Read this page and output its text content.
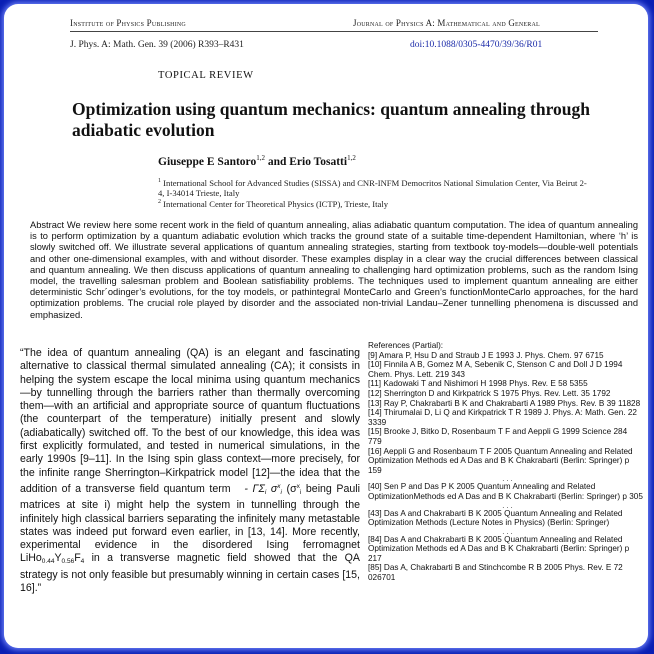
Institute of Physics Publishing	Journal of Physics A: Mathematical and General
J. Phys. A: Math. Gen. 39 (2006) R393–R431	doi:10.1088/0305-4470/39/36/R01
TOPICAL REVIEW
Optimization using quantum mechanics: quantum annealing through adiabatic evolution
Giuseppe E Santoro$^{1,2}$ and Erio Tosatti$^{1,2}$
$^1$ International School for Advanced Studies (SISSA) and CNR-INFM Democritos National Simulation Center, Via Beirut 2-4, I-34014 Trieste, Italy
$^2$ International Center for Theoretical Physics (ICTP), Trieste, Italy
Abstract We review here some recent work in the field of quantum annealing, alias adiabatic quantum computation. The idea of quantum annealing is to perform optimization by a quantum adiabatic evolution which tracks the ground state of a suitable time-dependent Hamiltonian, where ‘h’ is slowly switched off. We illustrate several applications of quantum annealing strategies, starting from textbook toy-models—double-well potentials and other one-dimensional examples, with and without disorder. These examples display in a clear way the crucial differences between classical and quantum annealing. We then discuss applications of quantum annealing to challenging hard optimization problems, such as the random Ising model, the travelling salesman problem and Boolean satisfiability problems. The techniques used to implement quantum annealing are either deterministic Schr´odinger’s evolutions, for the toy models, or pathintegral MonteCarlo and Green’s functionMonteCarlo approaches, for the hard optimization problems. The crucial role played by disorder and the associated non-trivial Landau–Zener tunnelling phenomena is discussed and emphasized.
“The idea of quantum annealing (QA) is an elegant and fascinating alternative to classical thermal simulated annealing (CA); it consists in helping the system escape the local minima using quantum mechanics—by tunnelling through the barriers rather than thermally overcoming them—with an artificial and appropriate source of quantum fluctuations (the counterpart of the temperature) initially present and slowly (adiabatically) switched off. To the best of our knowledge, this idea was first explicitly formulated, and tested in numerical simulations, in the early 1990s [9–11]. In the Ising spin glass context—more precisely, for the infinite range Sherrington–Kirkpatrick model [12]—the idea that the addition of a transverse field quantum term - $\Gamma\Sigma_i$ $\sigma^x_i$ ($\sigma^x_i$ being Pauli matrices at site i) might help the system in tunnelling through the infinitely high classical barriers separating the infinitely many metastable states was indeed put forward even earlier, in [13, 14]. More recently, experimental evidence in the disordered Ising ferromagnet $LiHo_{0.44}Y_{0.56}F_4$ in a transverse magnetic field showed that the QA strategy is not only feasible but presumably winning in certain cases [15, 16].”
References (Partial):
[9] Amara P, Hsu D and Straub J E 1993 J. Phys. Chem. 97 6715
[10] Finnila A B, Gomez M A, Sebenik C, Stenson C and Doll J D 1994 Chem. Phys. Lett. 219 343
[11] Kadowaki T and Nishimori H 1998 Phys. Rev. E 58 5355
[12] Sherrington D and Kirkpatrick S 1975 Phys. Rev. Lett. 35 1792
[13] Ray P, Chakrabarti B K and Chakrabarti A 1989 Phys. Rev. B 39 11828
[14] Thirumalai D, Li Q and Kirkpatrick T R 1989 J. Phys. A: Math. Gen. 22 3339
[15] Brooke J, Bitko D, Rosenbaum T F and Aeppli G 1999 Science 284 779
[16] Aeppli G and Rosenbaum T F 2005 Quantum Annealing and Related Optimization Methods ed A Das and B K Chakrabarti (Berlin: Springer) p 159
. . .
[40] Sen P and Das P K 2005 Quantum Annealing and Related OptimizationMethods ed A Das and B K Chakrabarti (Berlin: Springer) p 305
. . .
[43] Das A and Chakrabarti B K 2005 Quantum Annealing and Related Optimization Methods (Lecture Notes in Physics) (Berlin: Springer)
. . .
[84] Das A and Chakrabarti B K 2005 Quantum Annealing and Related Optimization Methods ed A Das and B K Chakrabarti (Berlin: Springer) p 217
[85] Das A, Chakrabarti B and Stinchcombe R B 2005 Phys. Rev. E 72 026701
